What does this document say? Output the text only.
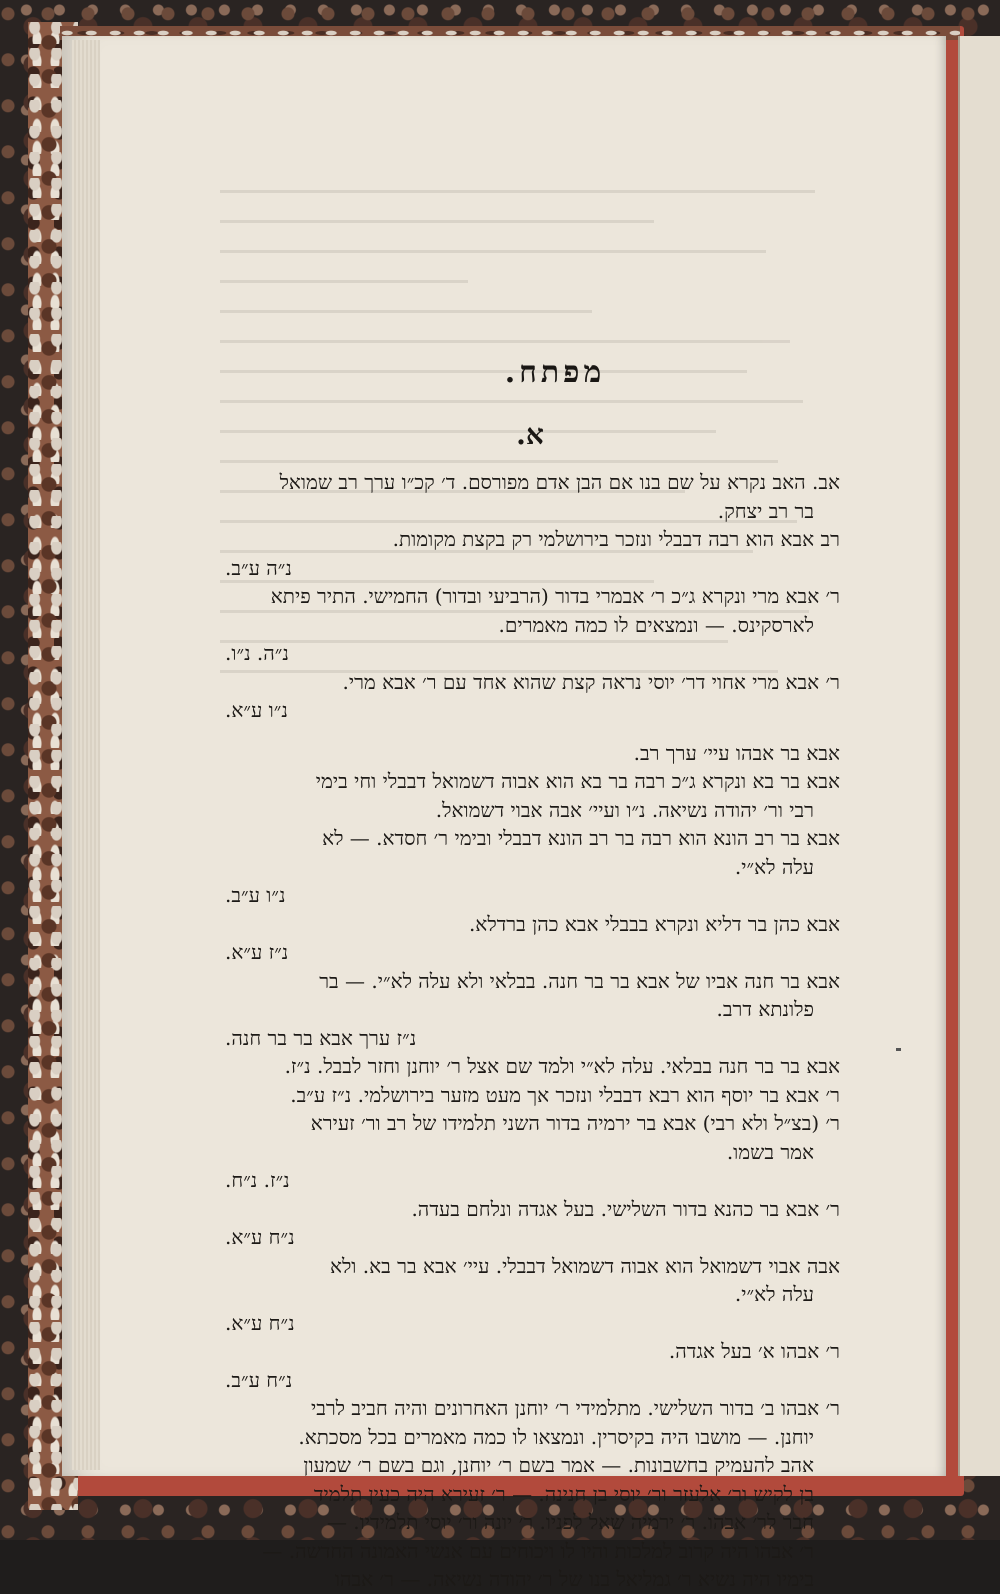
מפתח.
א.
אב. האב נקרא על שם בנו אם הבן אדם מפורסם. ד׳ קכ״ו ערך רב שמואל
בר רב יצחק.
רב אבא הוא רבה דבבלי ונזכר בירושלמי רק בקצת מקומות.
נ״ה ע״ב.
ר׳ אבא מרי ונקרא ג״כ ר׳ אבמרי בדור (הרביעי ובדור) החמישי. התיר פיתא
לארסקינס. — ונמצאים לו כמה מאמרים.
נ״ה. נ״ו.
ר׳ אבא מרי אחוי דר׳ יוסי נראה קצת שהוא אחד עם ר׳ אבא מרי.
נ״ו ע״א.
אבא בר אבהו עיי׳ ערך רב.
אבא בר בא ונקרא ג״כ רבה בר בא הוא אבוה דשמואל דבבלי וחי בימי
רבי ור׳ יהודה נשיאה. נ״ו ועיי׳ אבה אבוי דשמואל.
אבא בר רב הונא הוא רבה בר רב הונא דבבלי ובימי ר׳ חסדא. — לא
עלה לא״י.
נ״ו ע״ב.
אבא כהן בר דליא ונקרא בבבלי אבא כהן ברדלא.
נ״ז ע״א.
אבא בר חנה אביו של אבא בר בר חנה. בבלאי ולא עלה לא״י. — בר
פלונתא דרב.
נ״ז ערך אבא בר בר חנה.
אבא בר בר חנה בבלאי. עלה לא״י ולמד שם אצל ר׳ יוחנן וחזר לבבל. נ״ז.
ר׳ אבא בר יוסף הוא רבא דבבלי ונזכר אך מעט מזער בירושלמי. נ״ז ע״ב.
ר׳ (בצ״ל ולא רבי) אבא בר ירמיה בדור השני תלמידו של רב ור׳ זעירא
אמר בשמו.
נ״ז. נ״ח.
ר׳ אבא בר כהנא בדור השלישי. בעל אגדה ונלחם בעדה.
נ״ח ע״א.
אבה אבוי דשמואל הוא אבוה דשמואל דבבלי. עיי׳ אבא בר בא. ולא
עלה לא״י.
נ״ח ע״א.
ר׳ אבהו א׳ בעל אגדה.
נ״ח ע״ב.
ר׳ אבהו ב׳ בדור השלישי. מתלמידי ר׳ יוחנן האחרונים והיה חביב לרבי
יוחנן. — מושבו היה בקיסרין. ונמצאו לו כמה מאמרים בכל מסכתא.
אהב להעמיק בחשבונות. — אמר בשם ר׳ יוחנן, וגם בשם ר׳ שמעון
בן לקיש ור׳ אלעזר ור׳ יוסי בן חנינה. — ר׳ זעירא היה כעין תלמיד
חבר לר׳ אבהו. ר׳ ירמיה שאל לפניו. ר׳ יונה ור׳ יוסי תלמידיו. —
ר׳ אבהו היה קרוב למלכות והיו לו ויכוחים עם אנשי האמונה החדשה. —
בימיו היה נשיא ר׳ גמליאל בנו של ר׳ יהודה נשיאה. — ר׳ אבהו
